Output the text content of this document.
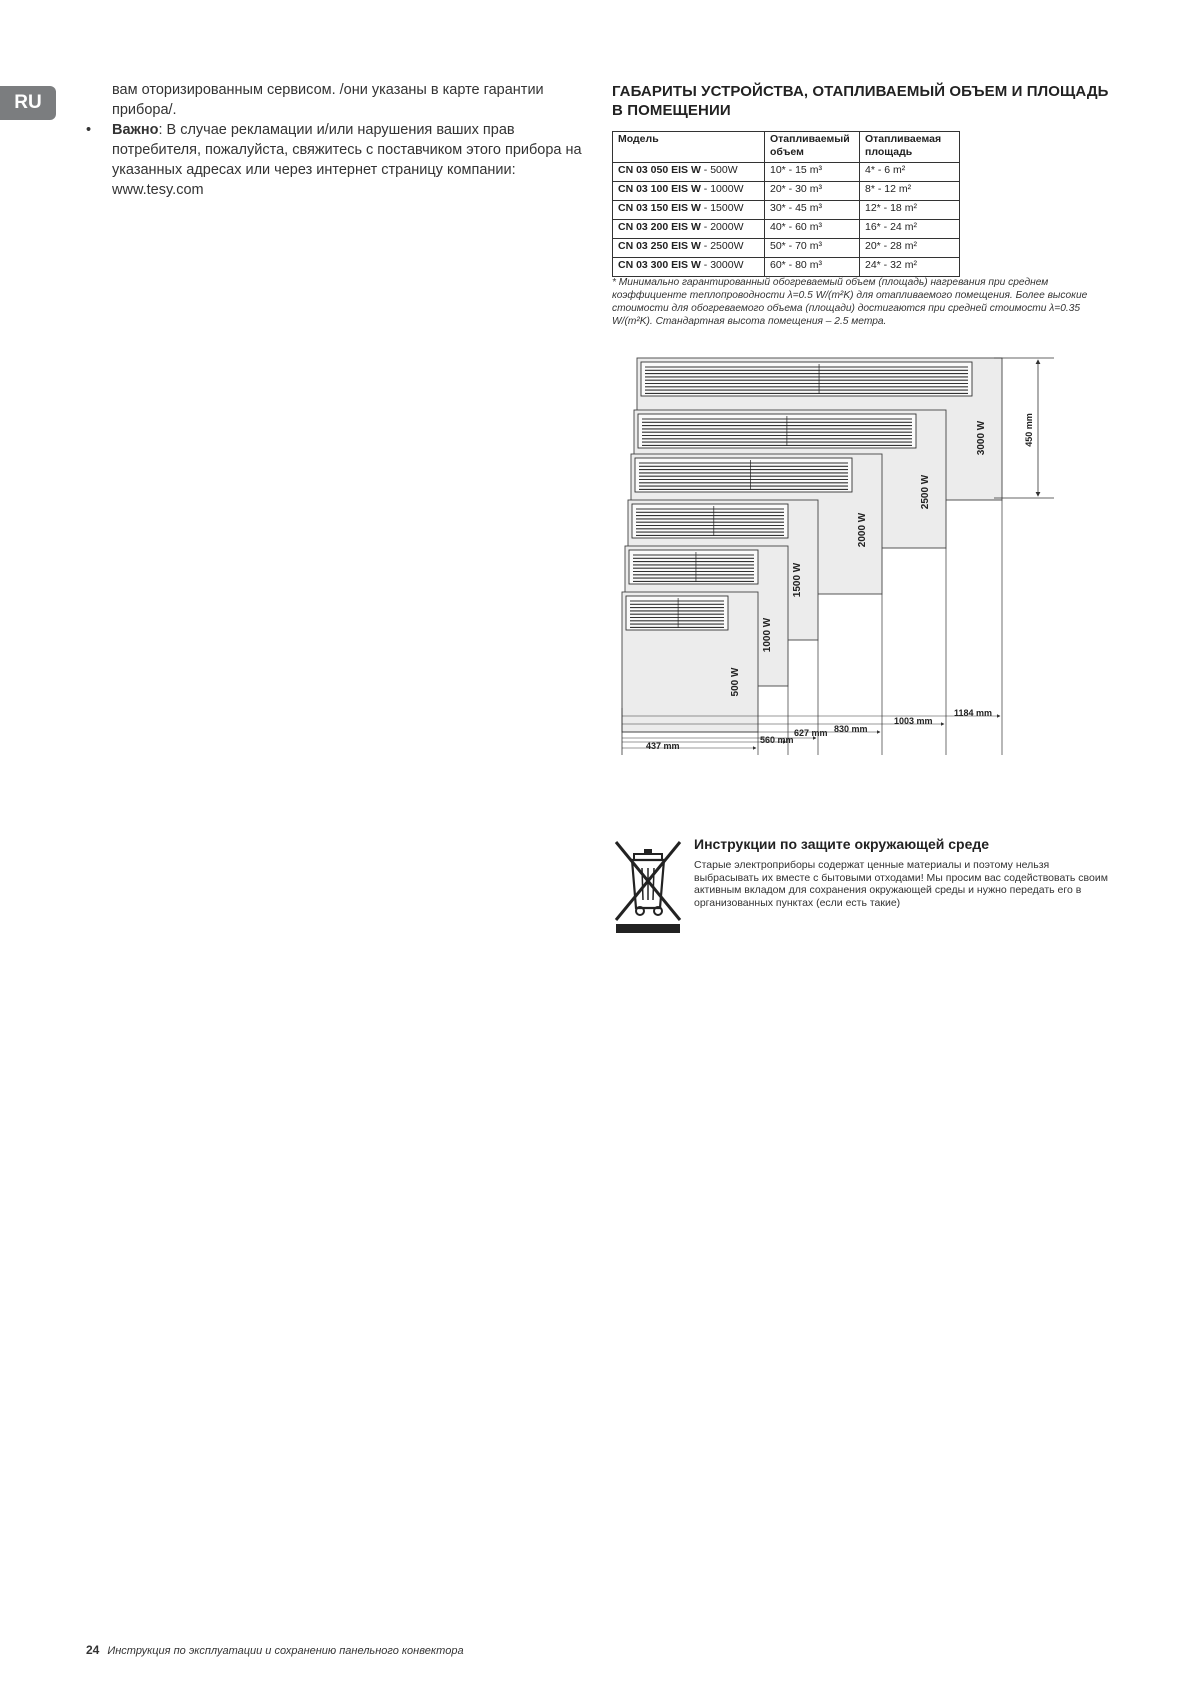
RU

вам оторизированным сервисом. /они указаны в карте гарантии прибора/.

• Важно: В случае рекламации и/или нарушения ваших прав потребителя, пожалуйста, свяжитесь с поставчиком этого прибора на указанных адресах или через интернет страницу компании: www.tesy.com

ГАБАРИТЫ УСТРОЙСТВА, ОТАПЛИВАЕМЫЙ ОБЪЕМ И ПЛОЩАДЬ В ПОМЕЩЕНИИ
Модель	Отапливаемый объем	Отапливаемая площадь
CN 03 050 EIS W - 500W	10* - 15 m³	4* - 6 m²
CN 03 100 EIS W - 1000W	20* - 30 m³	8* - 12 m²
CN 03 150 EIS W - 1500W	30* - 45 m³	12* - 18 m²
CN 03 200 EIS W - 2000W	40* - 60 m³	16* - 24 m²
CN 03 250 EIS W - 2500W	50* - 70 m³	20* - 28 m²
CN 03 300 EIS W - 3000W	60* - 80 m³	24* - 32 m²
* Минимально гарантированный обогреваемый объем (площадь) нагревания при среднем коэффициенте теплопроводности λ=0.5 W/(m²K) для отапливаемого помещения. Более высокие стоимости для обогреваемого объема (площади) достигаются при средней стоимости λ=0.35 W/(m²K). Стандартная высота помещения – 2.5 метра.
3000 W
2500 W
2000 W
1500 W
1000 W
500 W
437 mm
560 mm
627 mm 830 mm
1003 mm
1184 mm
450 mm
Инструкции по защите окружающей среде
Старые электроприборы содержат ценные материалы и поэтому нельзя выбрасывать их вместе с бытовыми отходами! Мы просим вас содействовать своим активным вкладом для сохранения окружающей среды и нужно передать его в организованных пунктах (если есть такие)
24 Инструкция по эксплуатации и сохранению панельного конвектора
